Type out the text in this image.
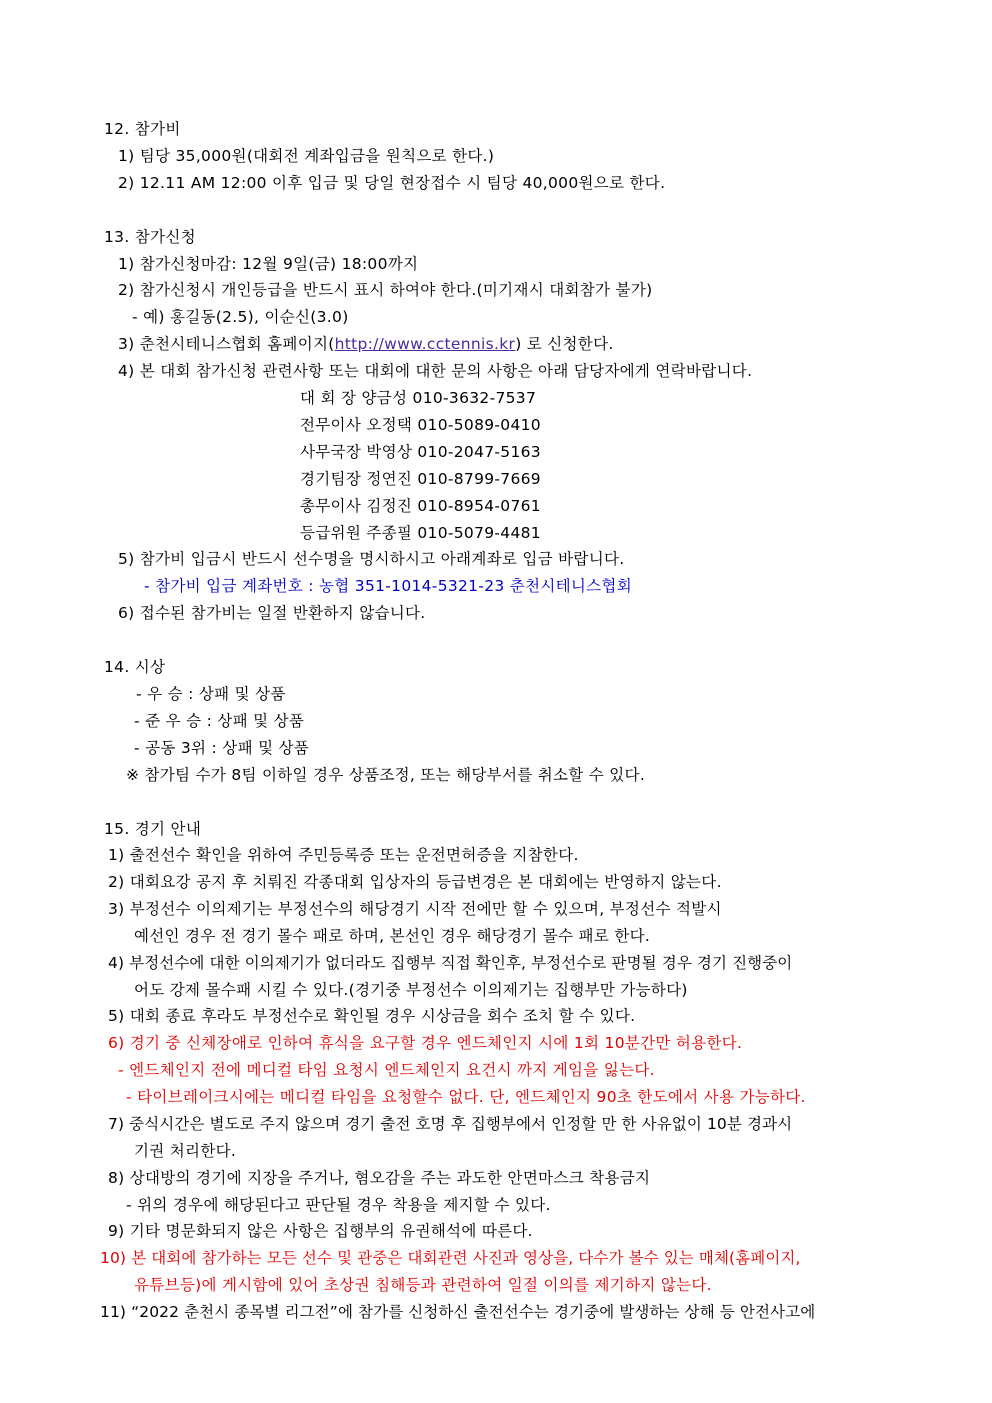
12. 참가비
1) 팀당 35,000원(대회전 계좌입금을 원칙으로 한다.)
2) 12.11 AM 12:00 이후 입금 및 당일 현장접수 시 팀당 40,000원으로 한다.
13. 참가신청
1) 참가신청마감: 12월 9일(금) 18:00까지
2) 참가신청시 개인등급을 반드시 표시 하여야 한다.(미기재시 대회참가 불가)
- 예) 홍길동(2.5), 이순신(3.0)
3) 춘천시테니스협회 홈페이지(http://www.cctennis.kr) 로 신청한다.
4) 본 대회 참가신청 관련사항 또는 대회에 대한 문의 사항은 아래 담당자에게 연락바랍니다.
대 회 장 양금성 010-3632-7537
전무이사 오정택 010-5089-0410
사무국장 박영상 010-2047-5163
경기팀장 정연진 010-8799-7669
총무이사 김정진 010-8954-0761
등급위원 주종필 010-5079-4481
5) 참가비 입금시 반드시 선수명을 명시하시고 아래계좌로 입금 바랍니다.
- 참가비 입금 계좌번호 : 농협 351-1014-5321-23 춘천시테니스협회
6) 접수된 참가비는 일절 반환하지 않습니다.
14. 시상
- 우 승 : 상패 및 상품
- 준 우 승 : 상패 및 상품
- 공동 3위 : 상패 및 상품
※ 참가팀 수가 8팀 이하일 경우 상품조정, 또는 해당부서를 취소할 수 있다.
15. 경기 안내
1) 출전선수 확인을 위하여 주민등록증 또는 운전면허증을 지참한다.
2) 대회요강 공지 후 치뤄진 각종대회 입상자의 등급변경은 본 대회에는 반영하지 않는다.
3) 부정선수 이의제기는 부정선수의 해당경기 시작 전에만 할 수 있으며, 부정선수 적발시
예선인 경우 전 경기 몰수 패로 하며, 본선인 경우 해당경기 몰수 패로 한다.
4) 부정선수에 대한 이의제기가 없더라도 집행부 직접 확인후, 부정선수로 판명될 경우 경기 진행중이
어도 강제 몰수패 시킬 수 있다.(경기중 부정선수 이의제기는 집행부만 가능하다)
5) 대회 종료 후라도 부정선수로 확인될 경우 시상금을 회수 조치 할 수 있다.
6) 경기 중 신체장애로 인하여 휴식을 요구할 경우 엔드체인지 시에 1회 10분간만 허용한다.
- 엔드체인지 전에 메디컬 타임 요청시 엔드체인지 요건시 까지 게임을 잃는다.
- 타이브레이크시에는 메디컬 타임을 요청할수 없다. 단, 엔드체인지 90초 한도에서 사용 가능하다.
7) 중식시간은 별도로 주지 않으며 경기 출전 호명 후 집행부에서 인정할 만 한 사유없이 10분 경과시
기권 처리한다.
8) 상대방의 경기에 지장을 주거나, 혐오감을 주는 과도한 안면마스크 착용금지
- 위의 경우에 해당된다고 판단될 경우 착용을 제지할 수 있다.
9) 기타 명문화되지 않은 사항은 집행부의 유권해석에 따른다.
10) 본 대회에 참가하는 모든 선수 및 관중은 대회관련 사진과 영상을, 다수가 볼수 있는 매체(홈페이지,
유튜브등)에 게시함에 있어 초상권 침해등과 관련하여 일절 이의를 제기하지 않는다.
11) “2022 춘천시 종목별 리그전”에 참가를 신청하신 출전선수는 경기중에 발생하는 상해 등 안전사고에
